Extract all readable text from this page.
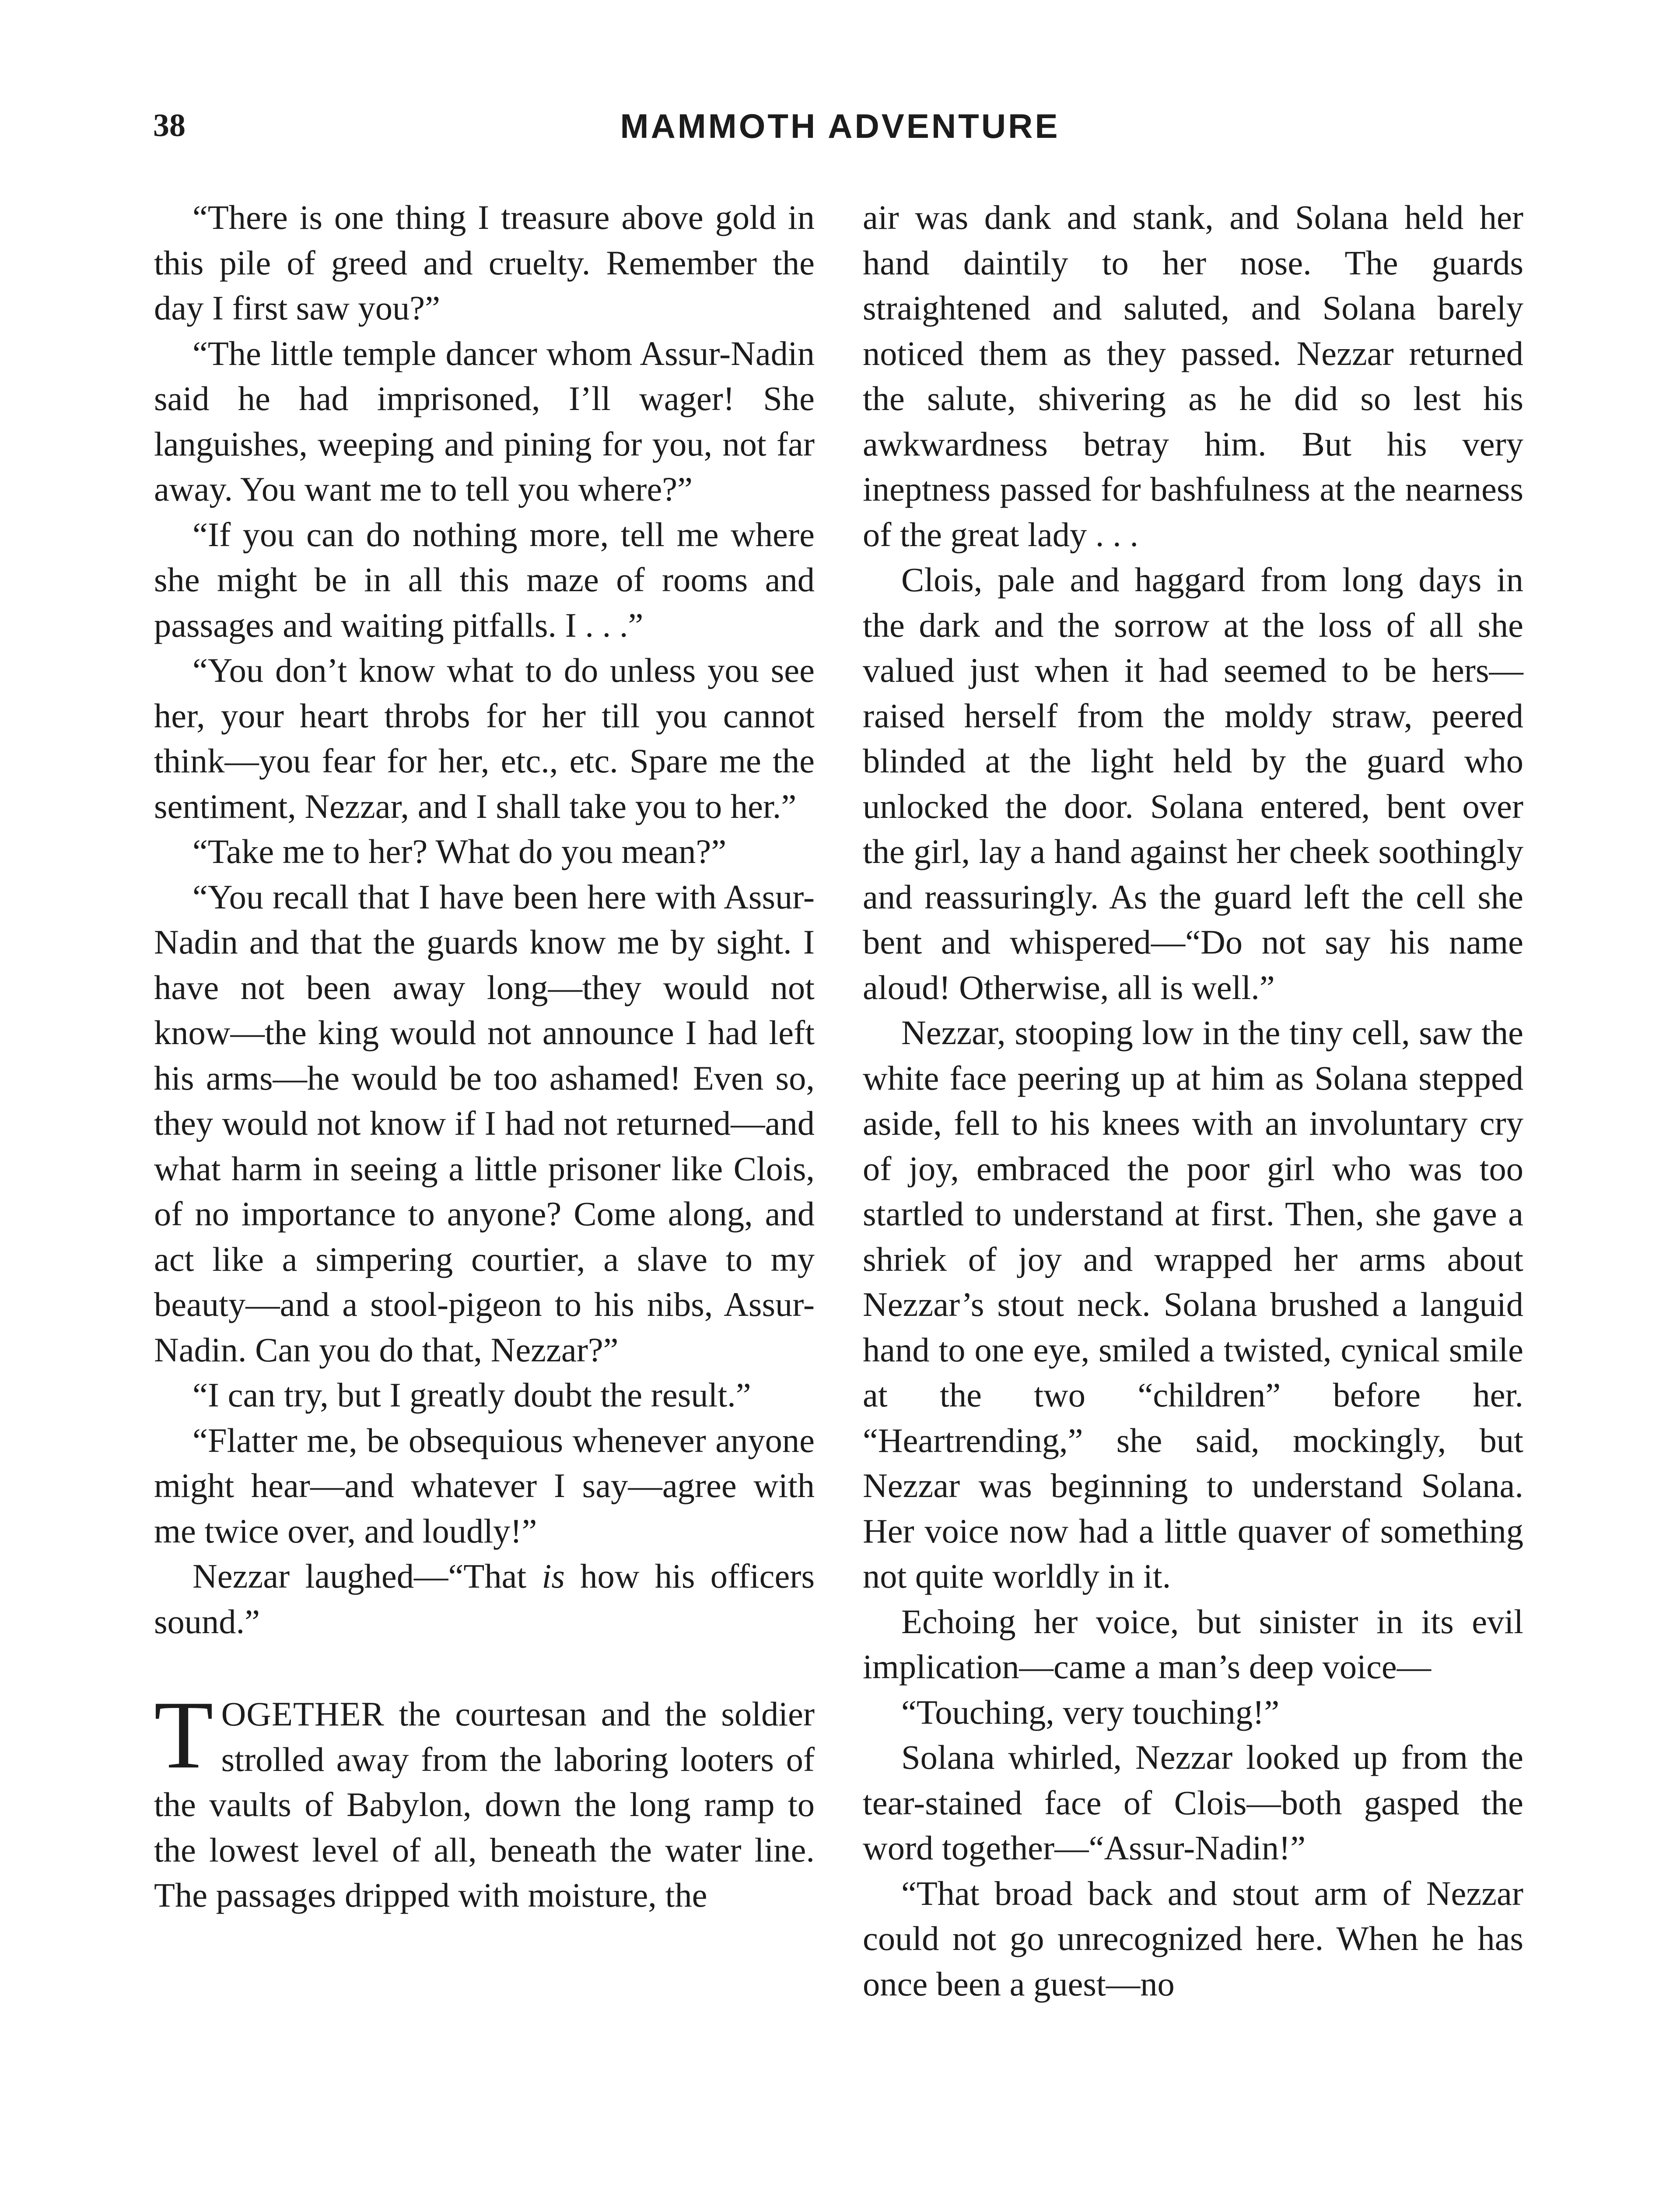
38	MAMMOTH ADVENTURE

“There is one thing I treasure above gold in this pile of greed and cruelty. Remember the day I first saw you?”

“The little temple dancer whom Assur-Nadin said he had imprisoned, I’ll wager! She languishes, weeping and pining for you, not far away. You want me to tell you where?”

“If you can do nothing more, tell me where she might be in all this maze of rooms and passages and waiting pitfalls. I . . .”

“You don’t know what to do unless you see her, your heart throbs for her till you cannot think—you fear for her, etc., etc. Spare me the sentiment, Nezzar, and I shall take you to her.”

“Take me to her? What do you mean?”

“You recall that I have been here with Assur-Nadin and that the guards know me by sight. I have not been away long—they would not know—the king would not announce I had left his arms—he would be too ashamed! Even so, they would not know if I had not returned—and what harm in seeing a little prisoner like Clois, of no importance to anyone? Come along, and act like a simpering courtier, a slave to my beauty—and a stool-pigeon to his nibs, Assur-Nadin. Can you do that, Nezzar?”

“I can try, but I greatly doubt the result.”

“Flatter me, be obsequious whenever anyone might hear—and whatever I say—agree with me twice over, and loudly!”

Nezzar laughed—“That is how his officers sound.”

TOGETHER the courtesan and the soldier strolled away from the laboring looters of the vaults of Babylon, down the long ramp to the lowest level of all, beneath the water line. The passages dripped with moisture, the

air was dank and stank, and Solana held her hand daintily to her nose. The guards straightened and saluted, and Solana barely noticed them as they passed. Nezzar returned the salute, shivering as he did so lest his awkwardness betray him. But his very ineptness passed for bashfulness at the nearness of the great lady . . .

Clois, pale and haggard from long days in the dark and the sorrow at the loss of all she valued just when it had seemed to be hers—raised herself from the moldy straw, peered blinded at the light held by the guard who unlocked the door. Solana entered, bent over the girl, lay a hand against her cheek soothingly and reassuringly. As the guard left the cell she bent and whispered—“Do not say his name aloud! Otherwise, all is well.”

Nezzar, stooping low in the tiny cell, saw the white face peering up at him as Solana stepped aside, fell to his knees with an involuntary cry of joy, embraced the poor girl who was too startled to understand at first. Then, she gave a shriek of joy and wrapped her arms about Nezzar’s stout neck. Solana brushed a languid hand to one eye, smiled a twisted, cynical smile at the two “children” before her. “Heartrending,” she said, mockingly, but Nezzar was beginning to understand Solana. Her voice now had a little quaver of something not quite worldly in it.

Echoing her voice, but sinister in its evil implication—came a man’s deep voice—

“Touching, very touching!”

Solana whirled, Nezzar looked up from the tear-stained face of Clois—both gasped the word together—“Assur-Nadin!”

“That broad back and stout arm of Nezzar could not go unrecognized here. When he has once been a guest—no
